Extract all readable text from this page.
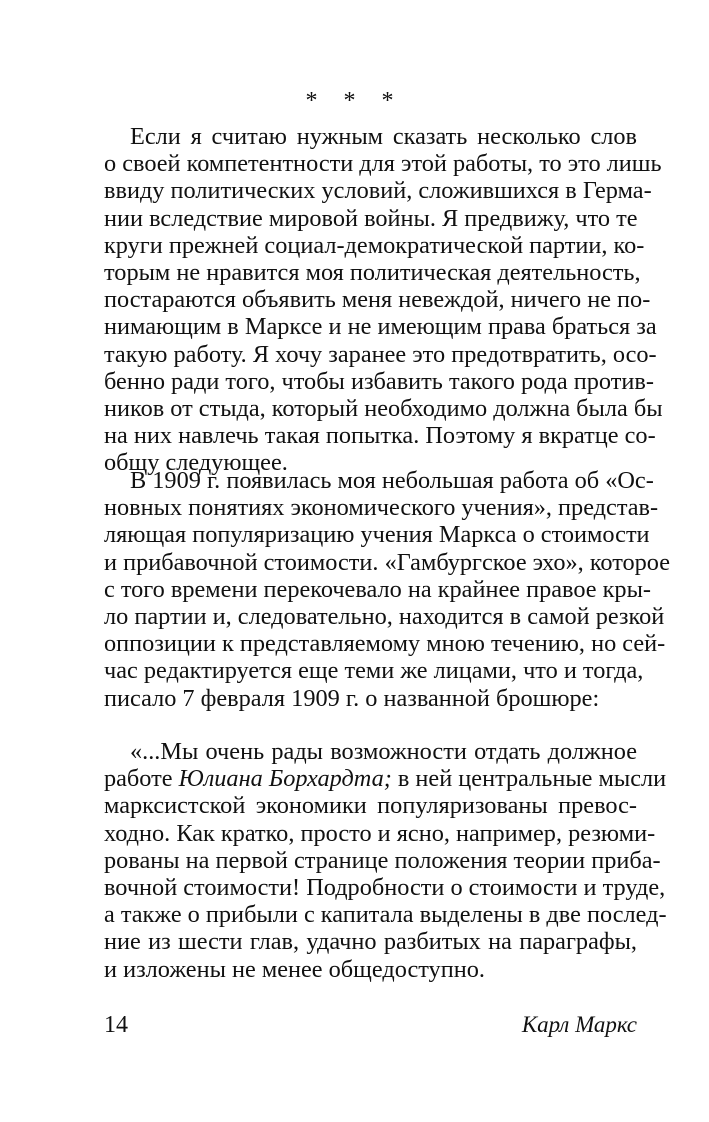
* * *
Если я считаю нужным сказать несколько слов
о своей компетентности для этой работы, то это лишь
ввиду политических условий, сложившихся в Герма-
нии вследствие мировой войны. Я предвижу, что те
круги прежней социал-демократической партии, ко-
торым не нравится моя политическая деятельность,
постараются объявить меня невеждой, ничего не по-
нимающим в Марксе и не имеющим права браться за
такую работу. Я хочу заранее это предотвратить, осо-
бенно ради того, чтобы избавить такого рода против-
ников от стыда, который необходимо должна была бы
на них навлечь такая попытка. Поэтому я вкратце со-
общу следующее.
В 1909 г. появилась моя небольшая работа об «Ос-
новных понятиях экономического учения», представ-
ляющая популяризацию учения Маркса о стоимости
и прибавочной стоимости. «Гамбургское эхо», которое
с того времени перекочевало на крайнее правое кры-
ло партии и, следовательно, находится в самой резкой
оппозиции к представляемому мною течению, но сей-
час редактируется еще теми же лицами, что и тогда,
писало 7 февраля 1909 г. о названной брошюре:
«...Мы очень рады возможности отдать должное
работе Юлиана Борхардта; в ней центральные мысли
марксистской экономики популяризованы превос-
ходно. Как кратко, просто и ясно, например, резюми-
рованы на первой странице положения теории приба-
вочной стоимости! Подробности о стоимости и труде,
а также о прибыли с капитала выделены в две послед-
ние из шести глав, удачно разбитых на параграфы,
и изложены не менее общедоступно.
14	Карл Маркс
